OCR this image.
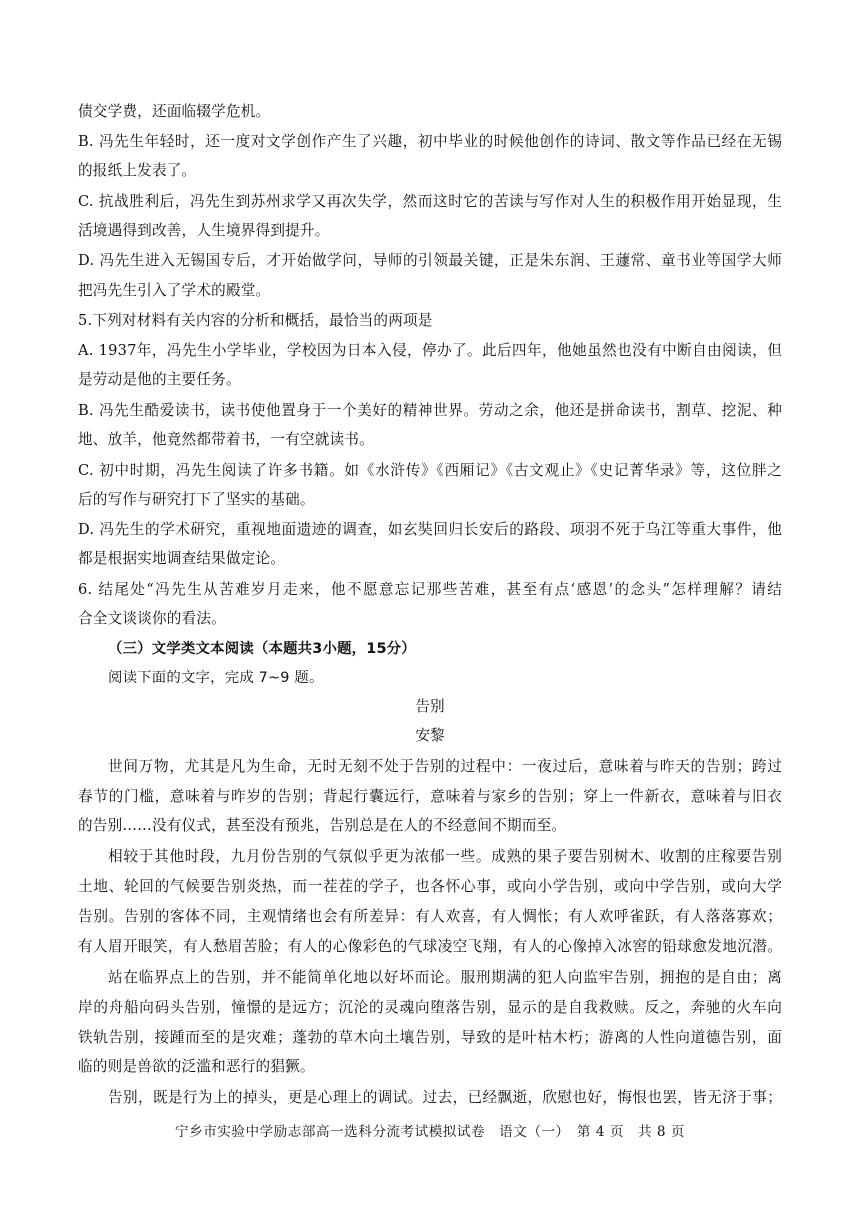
债交学费，还面临辍学危机。
B. 冯先生年轻时，还一度对文学创作产生了兴趣，初中毕业的时候他创作的诗词、散文等作品已经在无锡
的报纸上发表了。
C. 抗战胜利后，冯先生到苏州求学又再次失学，然而这时它的苦读与写作对人生的积极作用开始显现，生
活境遇得到改善，人生境界得到提升。
D. 冯先生进入无锡国专后，才开始做学问，导师的引领最关键，正是朱东润、王蘧常、童书业等国学大师
把冯先生引入了学术的殿堂。
5.下列对材料有关内容的分析和概括，最恰当的两项是
A. 1937年，冯先生小学毕业，学校因为日本入侵，停办了。此后四年，他她虽然也没有中断自由阅读，但
是劳动是他的主要任务。
B. 冯先生酷爱读书，读书使他置身于一个美好的精神世界。劳动之余，他还是拼命读书，割草、挖泥、种
地、放羊，他竟然都带着书，一有空就读书。
C. 初中时期，冯先生阅读了许多书籍。如《水浒传》《西厢记》《古文观止》《史记菁华录》等，这位胖之
后的写作与研究打下了坚实的基础。
D. 冯先生的学术研究，重视地面遗迹的调查，如玄奘回归长安后的路段、项羽不死于乌江等重大事件，他
都是根据实地调查结果做定论。
6. 结尾处“冯先生从苦难岁月走来，他不愿意忘记那些苦难，甚至有点‘感恩’的念头”怎样理解？请结
合全文谈谈你的看法。
（三）文学类文本阅读（本题共3小题，15分）
阅读下面的文字，完成 7~9 题。
告别
安黎
世间万物，尤其是凡为生命，无时无刻不处于告别的过程中：一夜过后，意味着与昨天的告别；跨过
春节的门槛，意味着与昨岁的告别；背起行囊远行，意味着与家乡的告别；穿上一件新衣，意味着与旧衣
的告别……没有仪式，甚至没有预兆，告别总是在人的不经意间不期而至。
相较于其他时段，九月份告别的气氛似乎更为浓郁一些。成熟的果子要告别树木、收割的庄稼要告别
土地、轮回的气候要告别炎热，而一茬茬的学子，也各怀心事，或向小学告别，或向中学告别，或向大学
告别。告别的客体不同，主观情绪也会有所差异：有人欢喜，有人惆怅；有人欢呼雀跃，有人落落寡欢；
有人眉开眼笑，有人愁眉苦脸；有人的心像彩色的气球凌空飞翔，有人的心像掉入冰窖的铅球愈发地沉潜。
站在临界点上的告别，并不能简单化地以好坏而论。服刑期满的犯人向监牢告别，拥抱的是自由；离
岸的舟船向码头告别，憧憬的是远方；沉沦的灵魂向堕落告别，显示的是自我救赎。反之，奔驰的火车向
铁轨告别，接踵而至的是灾难；蓬勃的草木向土壤告别，导致的是叶枯木朽；游离的人性向道德告别，面
临的则是兽欲的泛滥和恶行的猖獗。
告别，既是行为上的掉头，更是心理上的调试。过去，已经飘逝，欣慰也好，悔恨也罢，皆无济于事；
宁乡市实验中学励志部高一选科分流考试模拟试卷　语文（一）　第 4 页　共 8 页
